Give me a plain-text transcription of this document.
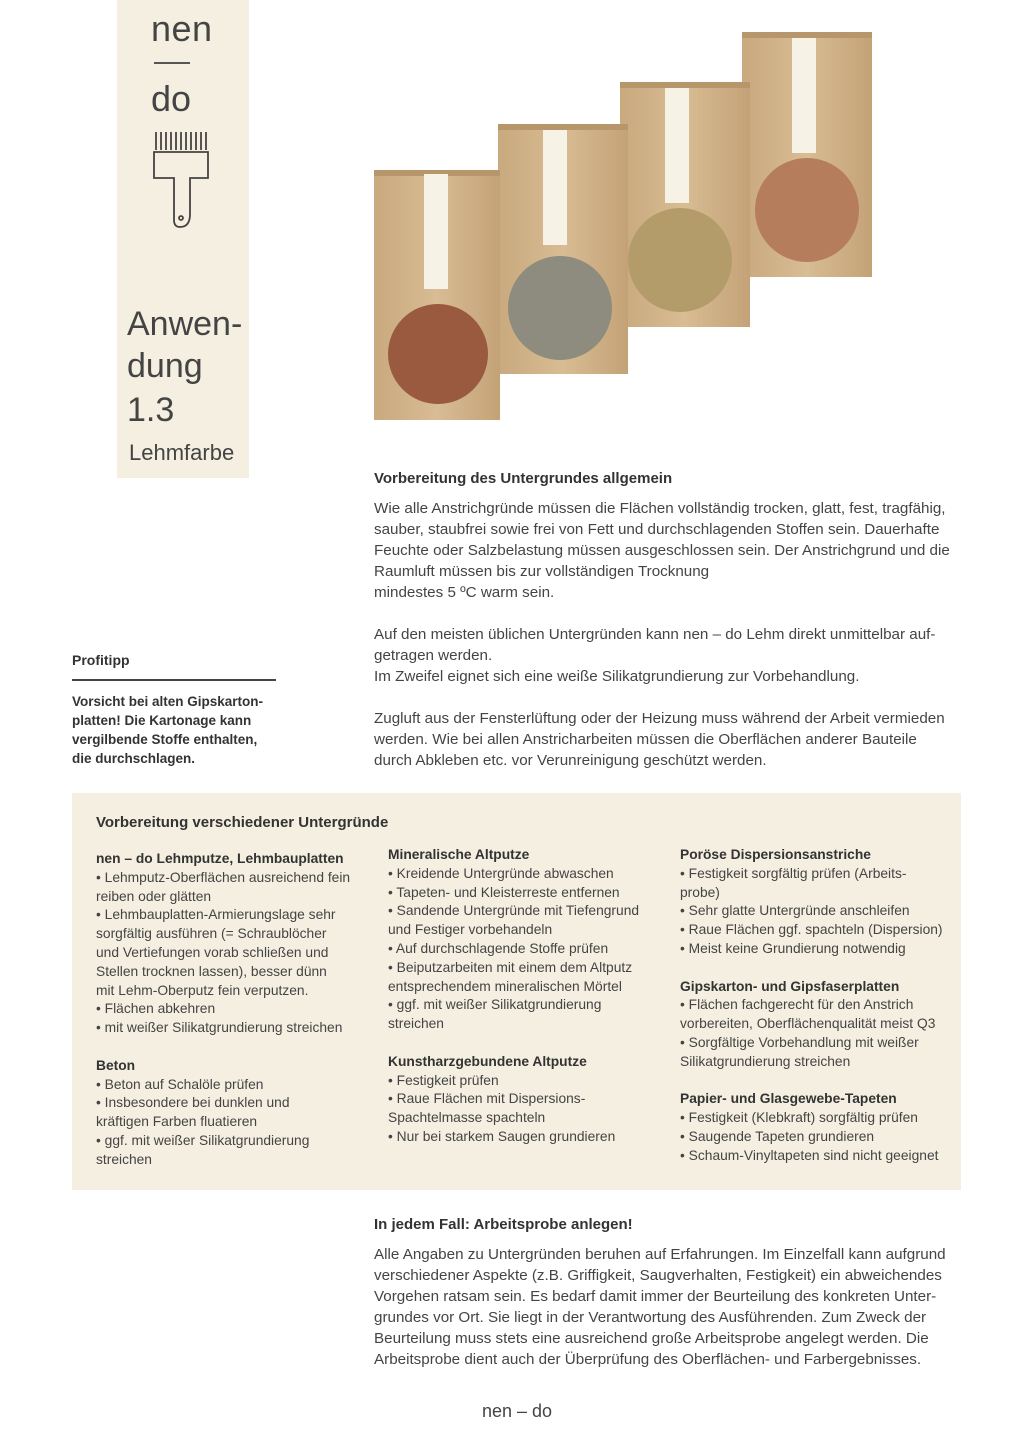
nen
do
Anwen-
dung
1.3
Lehmfarbe
Vorbereitung des Untergrundes allgemein
Wie alle Anstrichgründe müssen die Flächen vollständig trocken, glatt, fest, tragfähig,
sauber, staubfrei sowie frei von Fett und durchschlagenden Stoffen sein. Dauerhafte
Feuchte oder Salzbelastung müssen ausgeschlossen sein. Der Anstrichgrund und die
Raumluft müssen bis zur vollständigen Trocknung
mindestes 5 ºC warm sein.
Auf den meisten üblichen Untergründen kann nen – do Lehm direkt unmittelbar auf-
getragen werden.
Im Zweifel eignet sich eine weiße Silikatgrundierung zur Vorbehandlung.
Zugluft aus der Fensterlüftung oder der Heizung muss während der Arbeit vermieden
werden. Wie bei allen Anstricharbeiten müssen die Oberflächen anderer Bauteile
durch Abkleben etc. vor Verunreinigung geschützt werden.
Profitipp
Vorsicht bei alten Gipskarton-
platten! Die Kartonage kann
vergilbende Stoffe enthalten,
die durchschlagen.
Vorbereitung verschiedener Untergründe
nen – do Lehmputze, Lehmbauplatten

• Lehmputz-Oberflächen ausreichend fein

reiben oder glätten

• Lehmbauplatten-Armierungslage sehr

sorgfältig ausführen (= Schraublöcher

und Vertiefungen vorab schließen und

Stellen trocknen lassen), besser dünn

mit Lehm-Oberputz fein verputzen.

• Flächen abkehren

• mit weißer Silikatgrundierung streichen

Beton

• Beton auf Schalöle prüfen

• Insbesondere bei dunklen und

kräftigen Farben fluatieren

• ggf. mit weißer Silikatgrundierung

streichen

Mineralische Altputze

• Kreidende Untergründe abwaschen

• Tapeten- und Kleisterreste entfernen

• Sandende Untergründe mit Tiefengrund

und Festiger vorbehandeln

• Auf durchschlagende Stoffe prüfen

• Beiputzarbeiten mit einem dem Altputz

entsprechendem mineralischen Mörtel

• ggf. mit weißer Silikatgrundierung

streichen

Kunstharzgebundene Altputze

• Festigkeit prüfen

• Raue Flächen mit Dispersions-

Spachtelmasse spachteln

• Nur bei starkem Saugen grundieren

Poröse Dispersionsanstriche

• Festigkeit sorgfältig prüfen (Arbeits-

probe)

• Sehr glatte Untergründe anschleifen

• Raue Flächen ggf. spachteln (Dispersion)

• Meist keine Grundierung notwendig

Gipskarton- und Gipsfaserplatten

• Flächen fachgerecht für den Anstrich

vorbereiten, Oberflächenqualität meist Q3

• Sorgfältige Vorbehandlung mit weißer

Silikatgrundierung streichen

Papier- und Glasgewebe-Tapeten

• Festigkeit (Klebkraft) sorgfältig prüfen

• Saugende Tapeten grundieren

• Schaum-Vinyltapeten sind nicht geeignet

In jedem Fall: Arbeitsprobe anlegen!
Alle Angaben zu Untergründen beruhen auf Erfahrungen. Im Einzelfall kann aufgrund
verschiedener Aspekte (z.B. Griffigkeit, Saugverhalten, Festigkeit) ein abweichendes
Vorgehen ratsam sein. Es bedarf damit immer der Beurteilung des konkreten Unter-
grundes vor Ort. Sie liegt in der Verantwortung des Ausführenden. Zum Zweck der
Beurteilung muss stets eine ausreichend große Arbeitsprobe angelegt werden. Die
Arbeitsprobe dient auch der Überprüfung des Oberflächen- und Farbergebnisses.
nen – do
